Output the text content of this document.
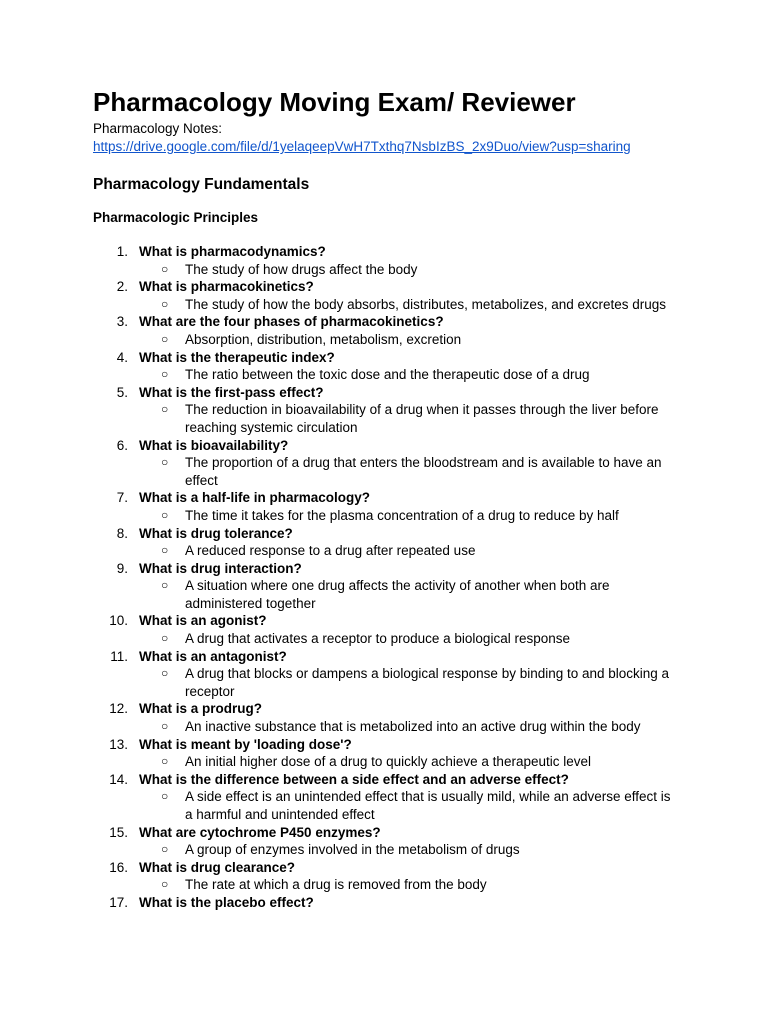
Pharmacology Moving Exam/ Reviewer
Pharmacology Notes:
https://drive.google.com/file/d/1yelaqeepVwH7Txthq7NsbIzBS_2x9Duo/view?usp=sharing
Pharmacology Fundamentals
Pharmacologic Principles
1. What is pharmacodynamics?
○ The study of how drugs affect the body
2. What is pharmacokinetics?
○ The study of how the body absorbs, distributes, metabolizes, and excretes drugs
3. What are the four phases of pharmacokinetics?
○ Absorption, distribution, metabolism, excretion
4. What is the therapeutic index?
○ The ratio between the toxic dose and the therapeutic dose of a drug
5. What is the first-pass effect?
○ The reduction in bioavailability of a drug when it passes through the liver before reaching systemic circulation
6. What is bioavailability?
○ The proportion of a drug that enters the bloodstream and is available to have an effect
7. What is a half-life in pharmacology?
○ The time it takes for the plasma concentration of a drug to reduce by half
8. What is drug tolerance?
○ A reduced response to a drug after repeated use
9. What is drug interaction?
○ A situation where one drug affects the activity of another when both are administered together
10. What is an agonist?
○ A drug that activates a receptor to produce a biological response
11. What is an antagonist?
○ A drug that blocks or dampens a biological response by binding to and blocking a receptor
12. What is a prodrug?
○ An inactive substance that is metabolized into an active drug within the body
13. What is meant by 'loading dose'?
○ An initial higher dose of a drug to quickly achieve a therapeutic level
14. What is the difference between a side effect and an adverse effect?
○ A side effect is an unintended effect that is usually mild, while an adverse effect is a harmful and unintended effect
15. What are cytochrome P450 enzymes?
○ A group of enzymes involved in the metabolism of drugs
16. What is drug clearance?
○ The rate at which a drug is removed from the body
17. What is the placebo effect?
